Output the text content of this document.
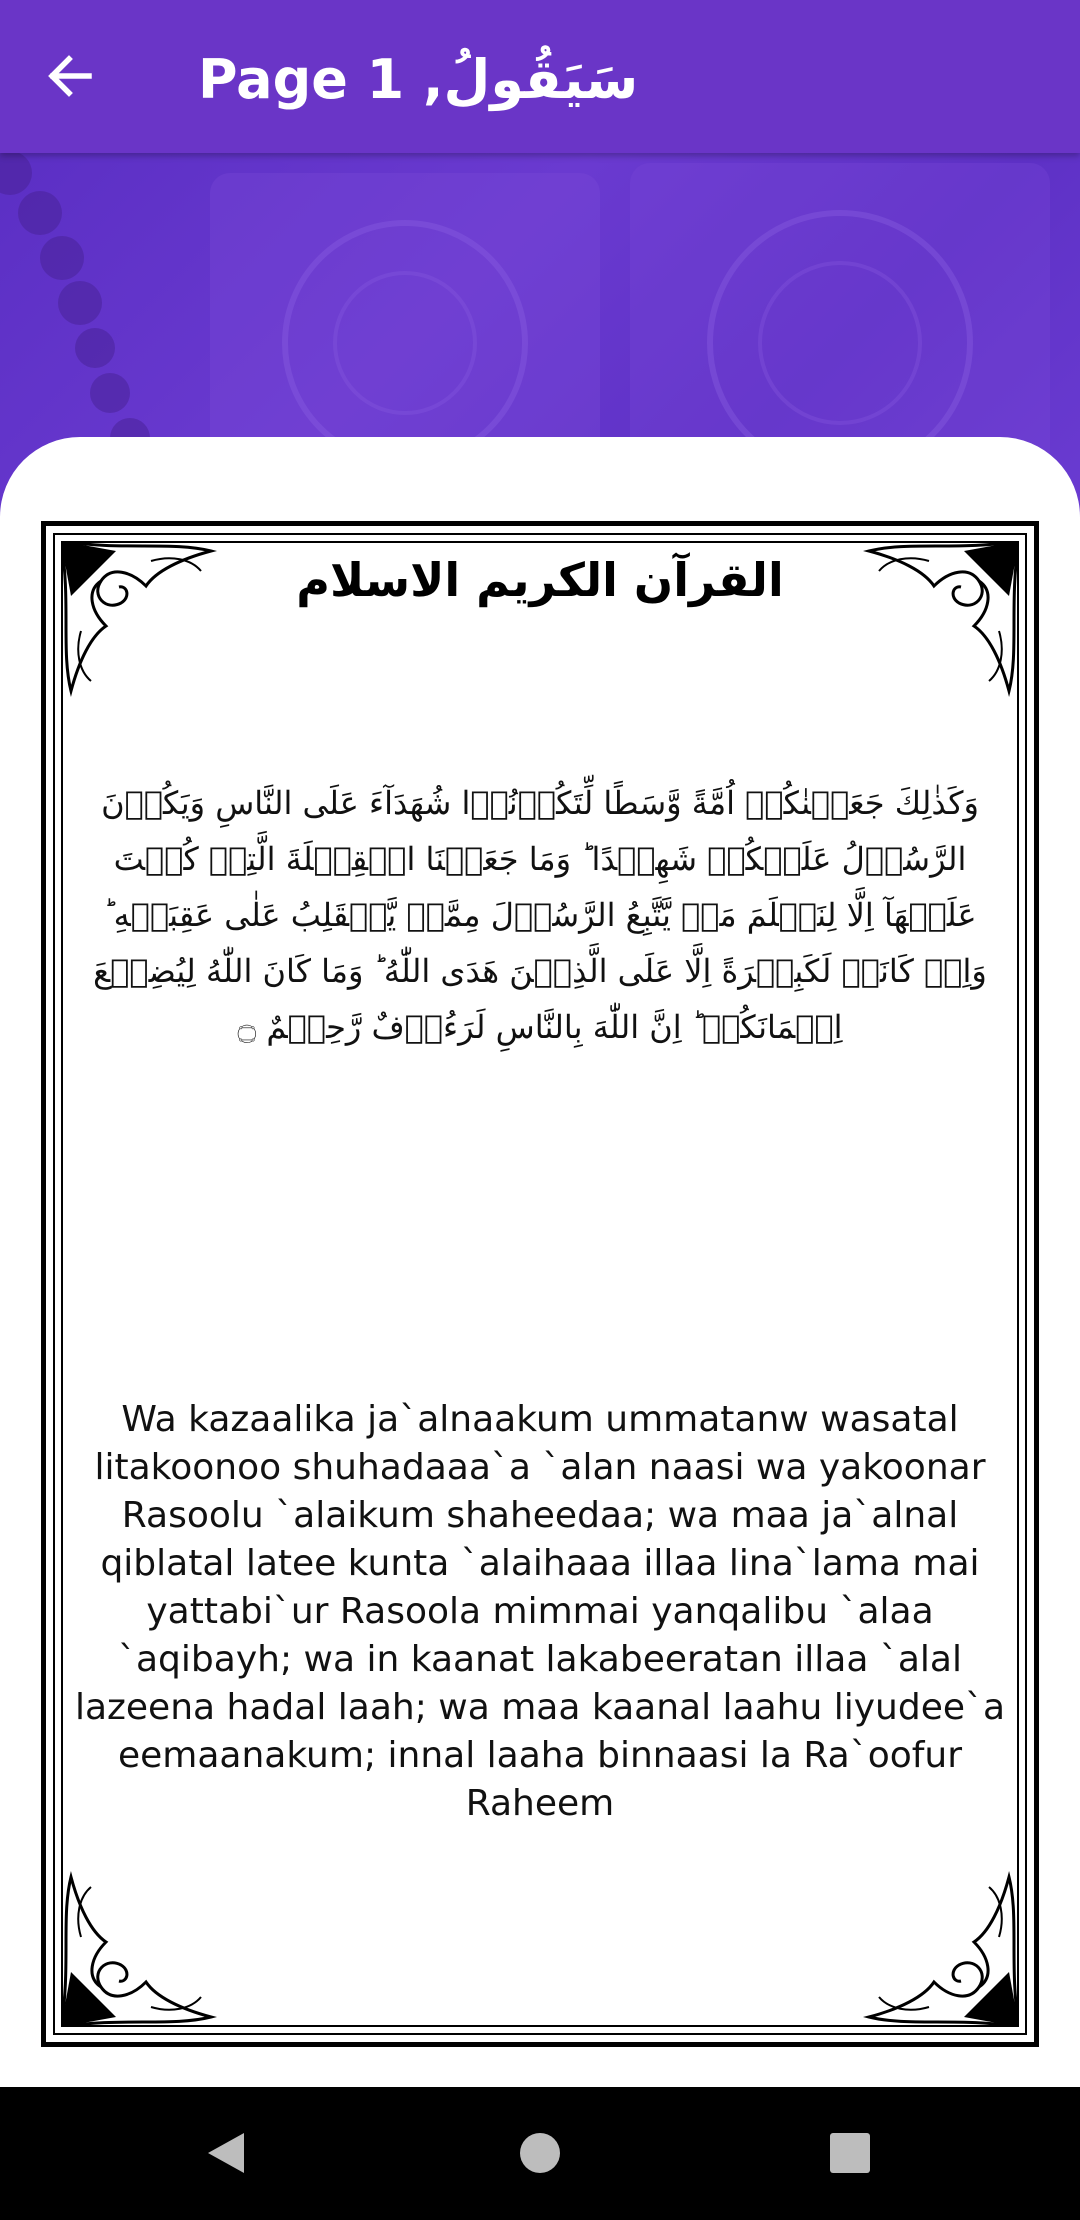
Page 1 ,سَیَقُولُ
القرآن الكريم الاسلام
وَكَذٰلِكَ جَعَلۡنٰكُمۡ اُمَّةً وَّسَطًا لِّتَكُوۡنُوۡا شُهَدَآءَ عَلَى النَّاسِ وَيَكُوۡنَ الرَّسُوۡلُ عَلَيۡكُمۡ شَهِيۡدًا ؕ وَمَا جَعَلۡنَا الۡقِبۡلَةَ الَّتِىۡ كُنۡتَ عَلَيۡهَآ اِلَّا لِنَعۡلَمَ مَنۡ يَّتَّبِعُ الرَّسُوۡلَ مِمَّنۡ يَّنۡقَلِبُ عَلٰى عَقِبَيۡهِ ؕ وَاِنۡ كَانَتۡ لَكَبِيۡرَةً اِلَّا عَلَى الَّذِيۡنَ هَدَى اللّٰهُ ؕ وَمَا كَانَ اللّٰهُ لِيُضِيۡعَ اِيۡمَانَكُمۡ ؕ اِنَّ اللّٰهَ بِالنَّاسِ لَرَءُوۡفٌ رَّحِيۡمٌ ۝
Wa kazaalika ja`alnaakum ummatanw wasatal litakoonoo shuhadaaa`a `alan naasi wa yakoonar Rasoolu `alaikum shaheedaa; wa maa ja`alnal qiblatal latee kunta `alaihaaa illaa lina`lama mai yattabi`ur Rasoola mimmai yanqalibu `alaa `aqibayh; wa in kaanat lakabeeratan illaa `alal lazeena hadal laah; wa maa kaanal laahu liyudee`a eemaanakum; innal laaha binnaasi la Ra`oofur Raheem
